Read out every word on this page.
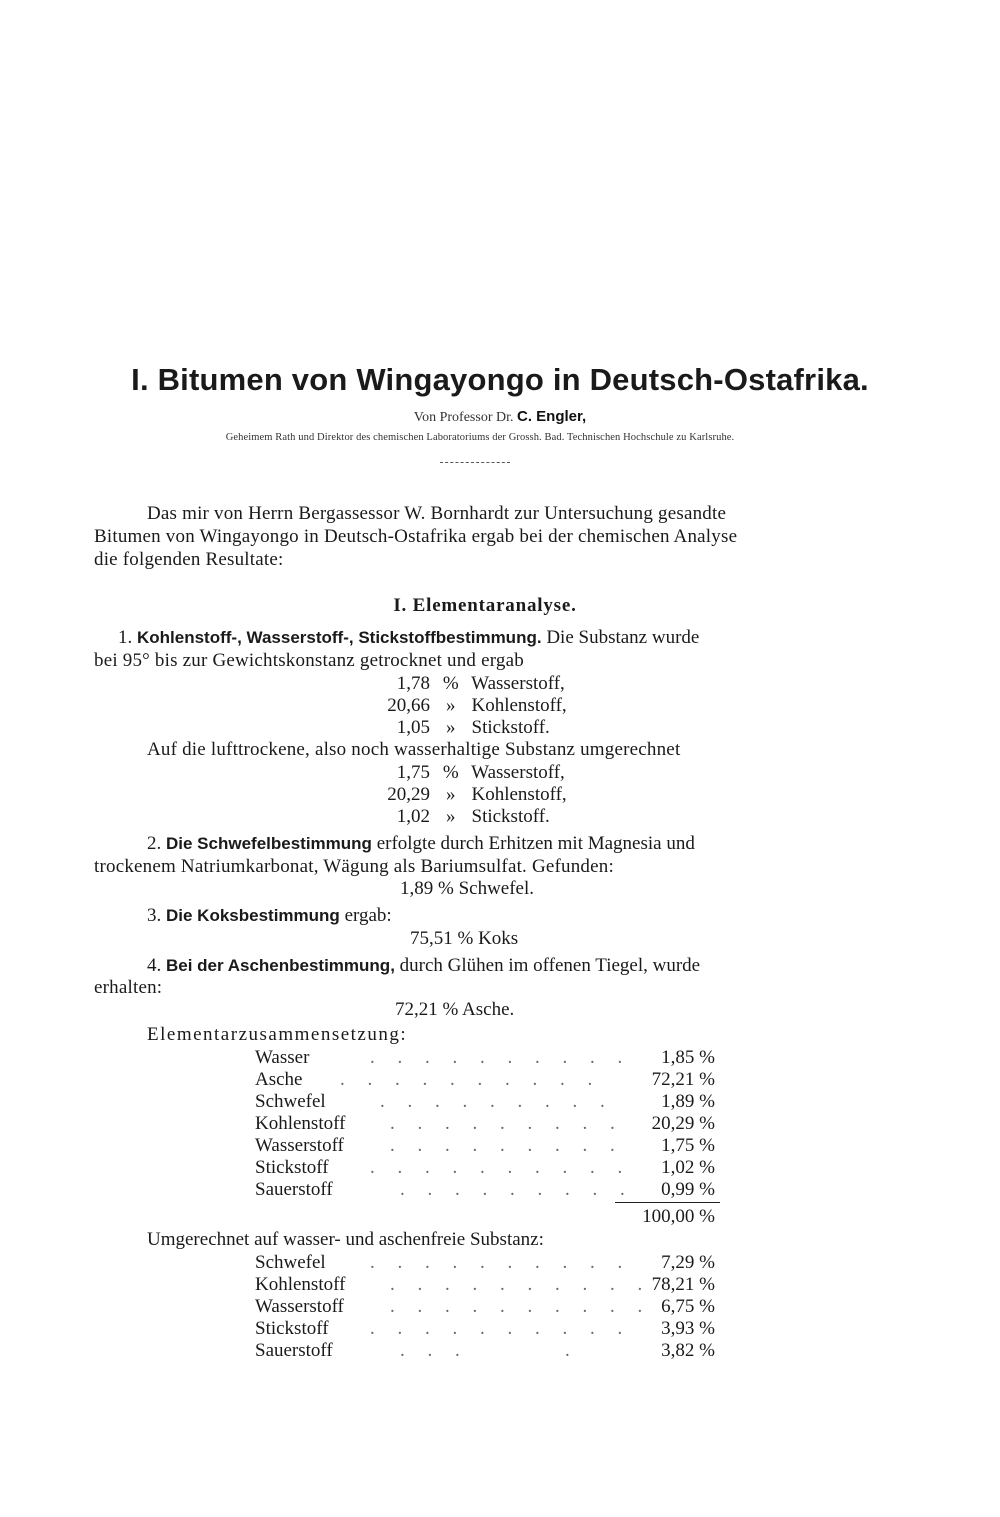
I. Bitumen von Wingayongo in Deutsch-Ostafrika.
Von Professor Dr. C. Engler,
Geheimem Rath und Direktor des chemischen Laboratoriums der Grossh. Bad. Technischen Hochschule zu Karlsruhe.
Das mir von Herrn Bergassessor W. Bornhardt zur Untersuchung gesandte
Bitumen von Wingayongo in Deutsch-Ostafrika ergab bei der chemischen Analyse
die folgenden Resultate:
I. Elementaranalyse.
1. Kohlenstoff-, Wasserstoff-, Stickstoffbestimmung. Die Substanz wurde
bei 95° bis zur Gewichtskonstanz getrocknet und ergab
1,78 % Wasserstoff,
20,66 » Kohlenstoff,
1,05 » Stickstoff.
Auf die lufttrockene, also noch wasserhaltige Substanz umgerechnet
1,75 % Wasserstoff,
20,29 » Kohlenstoff,
1,02 » Stickstoff.
2. Die Schwefelbestimmung erfolgte durch Erhitzen mit Magnesia und
trockenem Natriumkarbonat, Wägung als Bariumsulfat. Gefunden:
1,89 % Schwefel.
3. Die Koksbestimmung ergab:
75,51 % Koks
4. Bei der Aschenbestimmung, durch Glühen im offenen Tiegel, wurde
erhalten:
72,21 % Asche.
Elementarzusammensetzung:
Wasser	1,85 %
Asche	72,21 %
Schwefel	1,89 %
Kohlenstoff	20,29 %
Wasserstoff	1,75 %
Stickstoff	1,02 %
Sauerstoff	0,99 %
. . . . . . . . . .
. . . . . . . . . .
. . . . . . . . .
. . . . . . . . .
. . . . . . . . .
. . . . . . . . . .
. . . . . . . . .
100,00 %
Umgerechnet auf wasser- und aschenfreie Substanz:
Schwefel	7,29 %
Kohlenstoff	78,21 %
Wasserstoff	6,75 %
Stickstoff	3,93 %
Sauerstoff	3,82 %
. . . . . . . . . .
. . . . . . . . . .
. . . . . . . . . .
. . . . . . . . . .
. . .       .
